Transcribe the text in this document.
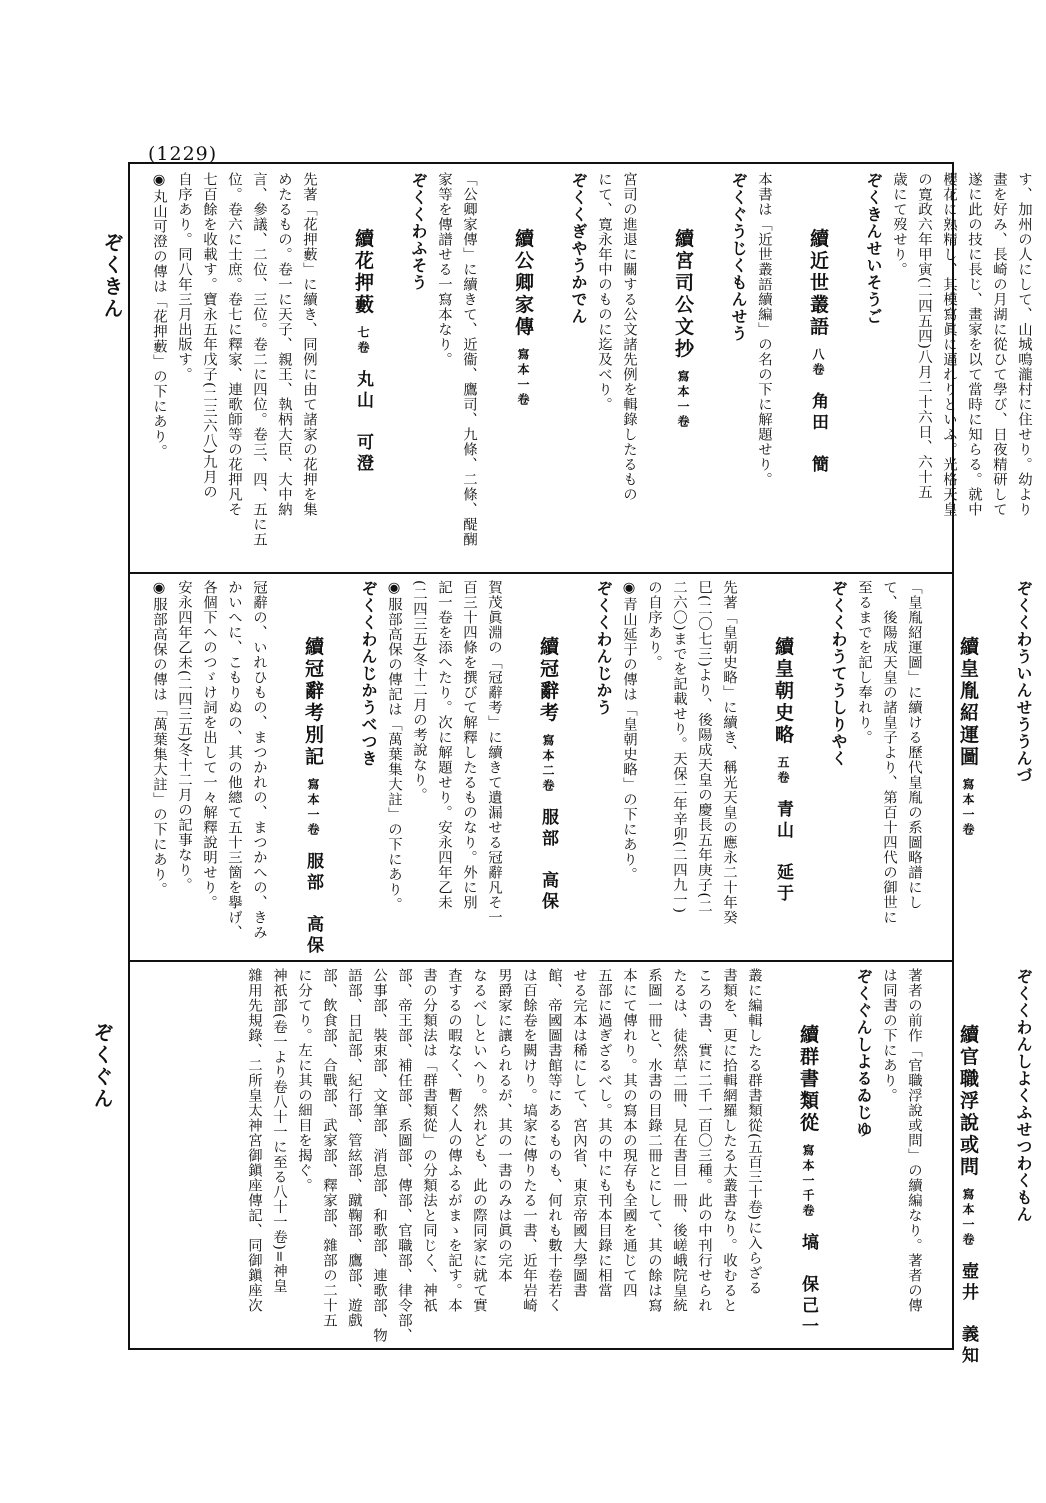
(1229)
ぞくきん
ぞくぐん
す、加州の人にして、山城鳴瀧村に住せり。幼より
畫を好み、長崎の月湖に從ひて學び、日夜精研して
遂に此の技に長じ、畫家を以て當時に知らる。就中
櫻花に熟精し、其模寫眞に逼れりといふ。光格天皇
の寛政六年甲寅(二四五四)八月二十六日、六十五
歳にて歿せり。
ぞくきんせいそうご

續近世叢語八卷角田　簡

本書は「近世叢語續編」の名の下に解題せり。
ぞくぐうじくもんせう

續宮司公文抄寫本一卷

宮司の進退に關する公文諸先例を輯錄したるもの
にて、寛永年中のものに迄及べり。
ぞくくぎやうかでん

續公卿家傳寫本一卷

「公卿家傳」に續きて、近衞、鷹司、九條、二條、醍醐
家等を傳譜せる一寫本なり。
ぞくくわふそう

續花押藪七卷丸山　可澄

先著「花押藪」に續き、同例に由て諸家の花押を集
めたるもの。卷一に天子、親王、執柄大臣、大中納
言、參議、二位、三位。卷二に四位。卷三、四、五に五
位。卷六に士庶。卷七に釋家、連歌師等の花押凡そ
七百餘を收載す。寶永五年戊子(二三六八)九月の
自序あり。同八年三月出版す。
◉丸山可澄の傳は「花押藪」の下にあり。
ぞくくわういんせううんづ

續皇胤紹運圖寫本一卷

「皇胤紹運圖」に續ける歷代皇胤の系圖略譜にし
て、後陽成天皇の諸皇子より、第百十四代の御世に
至るまでを記し奉れり。
ぞくくわうてうしりやく

續皇朝史略五卷青山　延于

先著「皇朝史略」に續き、稱光天皇の應永二十年癸
巳(二〇七三)より、後陽成天皇の慶長五年庚子(二
二六〇)までを記載せり。天保二年辛卯(二四九一)
の自序あり。
◉青山延于の傳は「皇朝史略」の下にあり。
ぞくくわんじかう

續冠辭考寫本二卷服部　高保

賀茂眞淵の「冠辭考」に續きて遺漏せる冠辭凡そ一
百三十四條を撰びて解釋したるものなり。外に別
記一卷を添へたり。次に解題せり。安永四年乙未
(二四三五)冬十二月の考說なり。
◉服部高保の傳記は「萬葉集大註」の下にあり。
ぞくくわんじかうべつき

續冠辭考別記寫本一卷服部　高保

冠辭の、いれひもの、まつかれの、まつかへの、きみ
かいへに、こもりぬの、其の他總て五十三箇を擧げ、
各個下へのつゞけ詞を出して一々解釋說明せり。
安永四年乙未(二四三五)冬十二月の記事なり。
◉服部高保の傳は「萬葉集大註」の下にあり。
ぞくくわんしよくふせつわくもん

續官職浮說或問寫本一卷壺井　義知

著者の前作「官職浮說或問」の續編なり。著者の傳
は同書の下にあり。
ぞくぐんしよるゐじゆ

續群書類從寫本一千卷塙　保己一

叢に編輯したる群書類從(五百三十卷)に入らざる
書類を、更に拾輯網羅したる大叢書なり。收むると
ころの書、實に二千一百〇三種。此の中刊行せられ
たるは、徒然草二冊、見在書目一冊、後嵯峨院皇統
系圖一冊と、水書の目錄二冊とにして、其の餘は寫
本にて傳れり。其の寫本の現存も全國を通じて四
五部に過ぎざるべし。其の中にも刊本目錄に相當
せる完本は稀にして、宮內省、東京帝國大學圖書
館、帝國圖書館等にあるものも、何れも數十卷若く
は百餘卷を闕けり。塙家に傳りたる一書、近年岩崎
男爵家に讓られるが、其の一書のみは眞の完本
なるべしといへり。然れども、此の際同家に就て實
査するの暇なく、暫く人の傳ふるがまゝを記す。本
書の分類法は「群書類從」の分類法と同じく、神祇
部、帝王部、補任部、系圖部、傳部、官職部、律令部、
公事部、裝束部、文筆部、消息部、和歌部、連歌部、物
語部、日記部、紀行部、管絃部、蹴鞠部、鷹部、遊戲
部、飲食部、合戰部、武家部、釋家部、雜部の二十五
に分てり。左に其の細目を揭ぐ。
神祇部(卷一より卷八十一に至る八十一卷)=神皇
雜用先規錄、二所皇太神宮御鎭座傳記、同御鎭座次
